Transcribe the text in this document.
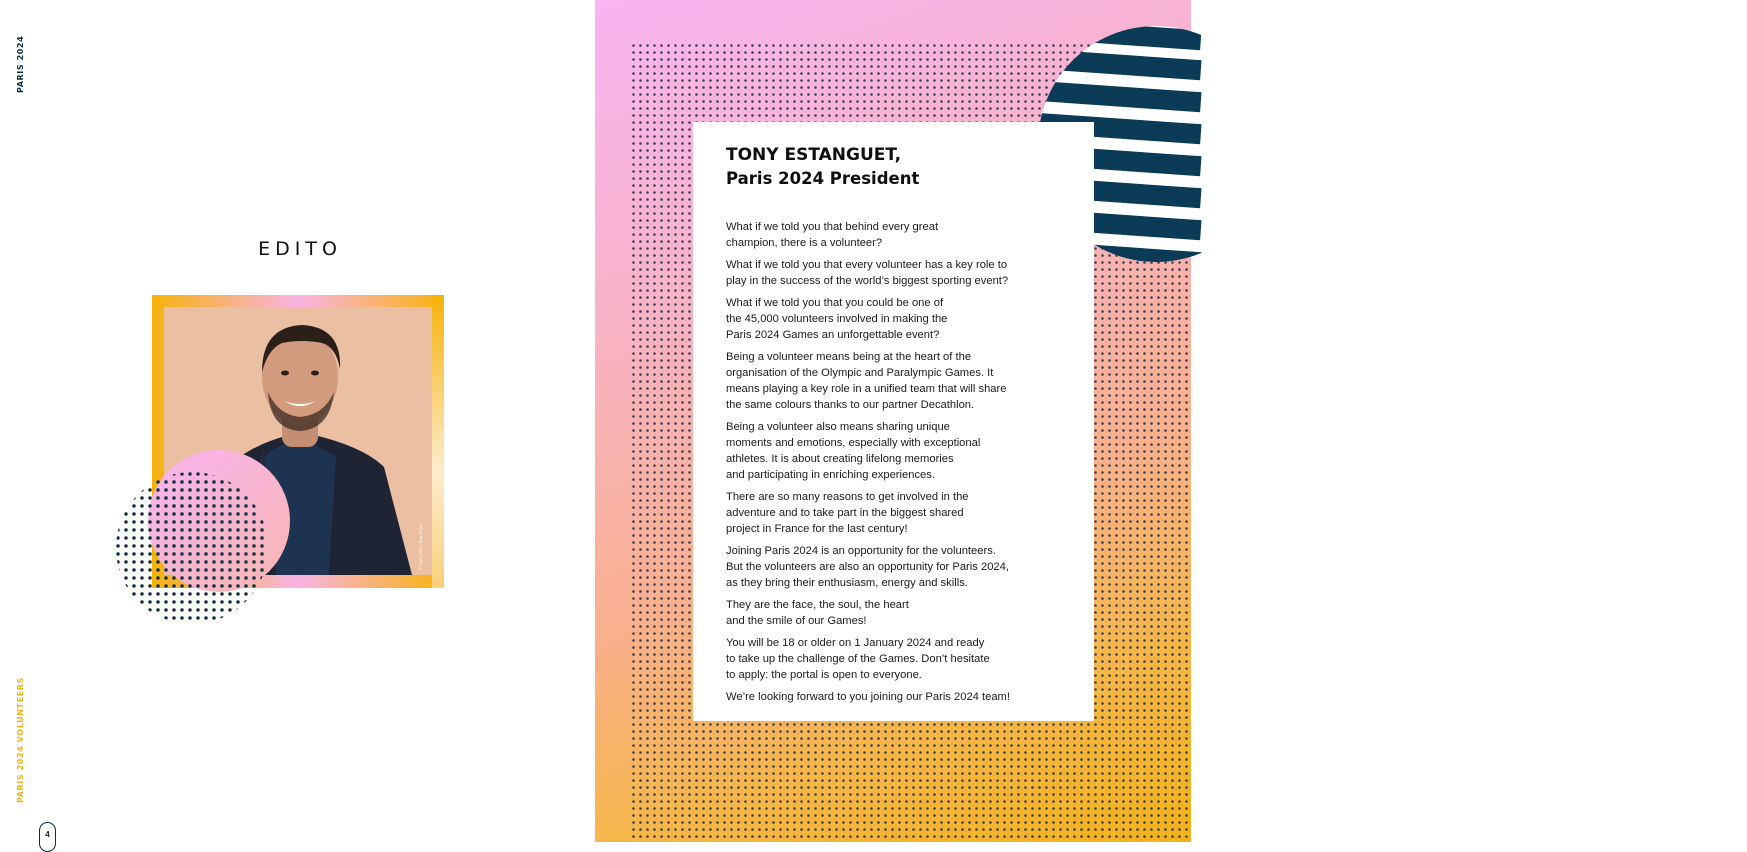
PARIS 2024
PARIS 2024 VOLUNTEERS
4
EDITO
© Paris 2024 / Ruly Heiss
5
TONY ESTANGUET,
Paris 2024 President

What if we told you that behind every great
champion, there is a volunteer?

What if we told you that every volunteer has a key role to
play in the success of the world’s biggest sporting event?

What if we told you that you could be one of
the 45,000 volunteers involved in making the
Paris 2024 Games an unforgettable event?

Being a volunteer means being at the heart of the
organisation of the Olympic and Paralympic Games. It
means playing a key role in a unified team that will share
the same colours thanks to our partner Decathlon.

Being a volunteer also means sharing unique
moments and emotions, especially with exceptional
athletes. It is about creating lifelong memories
and participating in enriching experiences.

There are so many reasons to get involved in the
adventure and to take part in the biggest shared
project in France for the last century!

Joining Paris 2024 is an opportunity for the volunteers.
But the volunteers are also an opportunity for Paris 2024,
as they bring their enthusiasm, energy and skills.

They are the face, the soul, the heart
and the smile of our Games!

You will be 18 or older on 1 January 2024 and ready
to take up the challenge of the Games. Don’t hesitate
to apply: the portal is open to everyone.

We’re looking forward to you joining our Paris 2024 team!
